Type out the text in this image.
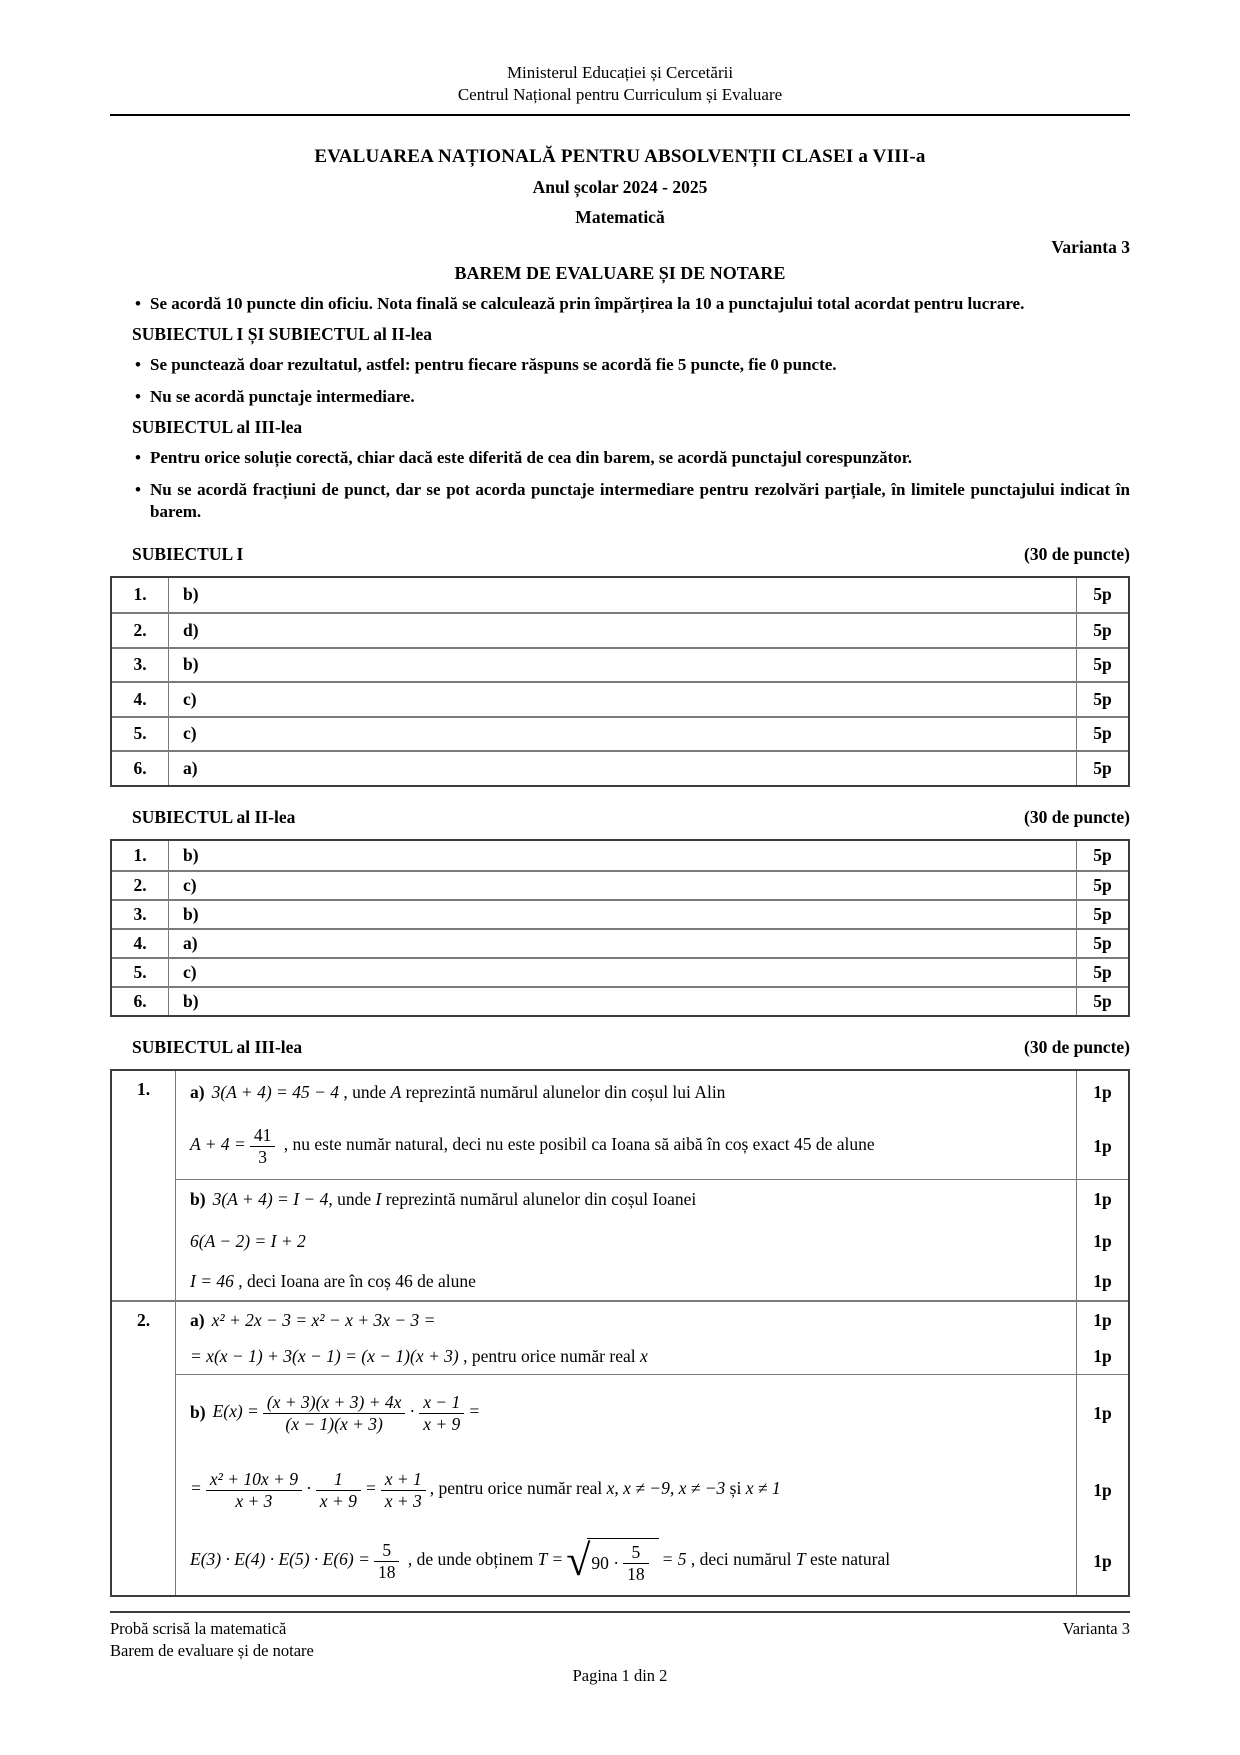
Ministerul Educației și Cercetării
Centrul Național pentru Curriculum și Evaluare
EVALUAREA NAȚIONALĂ PENTRU ABSOLVENȚII CLASEI a VIII-a
Anul școlar 2024 - 2025
Matematică
Varianta 3
BAREM DE EVALUARE ȘI DE NOTARE
• Se acordă 10 puncte din oficiu. Nota finală se calculează prin împărțirea la 10 a punctajului total acordat pentru lucrare.
SUBIECTUL I ȘI SUBIECTUL al II-lea
• Se punctează doar rezultatul, astfel: pentru fiecare răspuns se acordă fie 5 puncte, fie 0 puncte.
• Nu se acordă punctaje intermediare.
SUBIECTUL al III-lea
• Pentru orice soluție corectă, chiar dacă este diferită de cea din barem, se acordă punctajul corespunzător.
• Nu se acordă fracțiuni de punct, dar se pot acorda punctaje intermediare pentru rezolvări parțiale, în limitele punctajului indicat în barem.
SUBIECTUL I	(30 de puncte)
1.	b)	5p
2.	d)	5p
3.	b)	5p
4.	c)	5p
5.	c)	5p
6.	a)	5p
SUBIECTUL al II-lea	(30 de puncte)
1.	b)	5p
2.	c)	5p
3.	b)	5p
4.	a)	5p
5.	c)	5p
6.	b)	5p
SUBIECTUL al III-lea	(30 de puncte)
1.	a) 3(A + 4) = 45 − 4 , unde A reprezintă numărul alunelor din coșul lui Alin	1p
$A + 4 = \frac{41}{3}$ , nu este număr natural, deci nu este posibil ca Ioana să aibă în coș exact 45 de alune	1p
b) 3(A + 4) = I − 4, unde I reprezintă numărul alunelor din coșul Ioanei	1p
6(A − 2) = I + 2	1p
I = 46 , deci Ioana are în coș 46 de alune	1p
2.	a) x² + 2x − 3 = x² − x + 3x − 3 =	1p
= x(x − 1) + 3(x − 1) = (x − 1)(x + 3) , pentru orice număr real x	1p
b) $E(x) = \frac{(x + 3)(x + 3) + 4x}{(x - 1)(x + 3)} \cdot \frac{x - 1}{x + 9}$ =	1p
= $\frac{\text{x² + 10x + 9}}{x + 3} \cdot \frac{1}{x + 9} = \frac{x + 1}{x + 3}$ , pentru orice număr real x, x ≠ −9, x ≠ −3 și x ≠ 1	1p
$E(3) \cdot E(4) \cdot E(5) \cdot E(6) = \frac{5}{18}$ , de unde obținem T = √ $90 \cdot \frac{5}{18} = 5$ , deci numărul T este natural	1p
Probă scrisă la matematică
Barem de evaluare și de notare
Varianta 3
Pagina 1 din 2
